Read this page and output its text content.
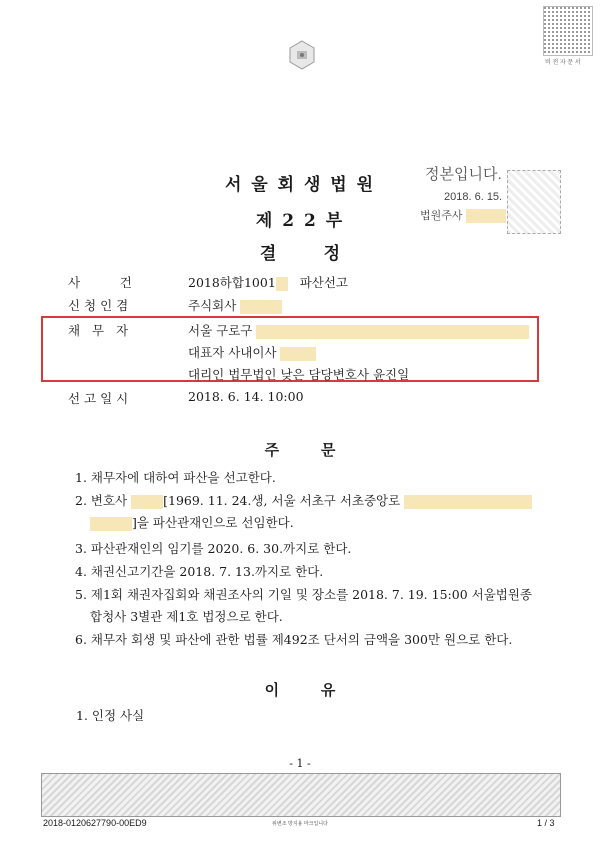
비 전 자 문 서
서 울 회 생 법 원
제 2 2 부
결        정
정본입니다.
2018. 6. 15.
법원주사
사          건	2018하합1001 파산선고
신 청 인 겸	주식회사
채   무   자	서울 구로구
대표자 사내이사
대리인 법무법인 낮은 담당변호사 윤진일
선 고 일 시	2018. 6. 14. 10:00
주        문
1. 채무자에 대하여 파산을 선고한다.
2. 변호사	[1969. 11. 24.생, 서울 서초구 서초중앙로
]을 파산관재인으로 선임한다.
3. 파산관재인의 임기를 2020. 6. 30.까지로 한다.
4. 채권신고기간을 2018. 7. 13.까지로 한다.
5. 제1회 채권자집회와 채권조사의 기일 및 장소를 2018. 7. 19. 15:00 서울법원종
합청사 3별관 제1호 법정으로 한다.
6. 채무자 회생 및 파산에 관한 법률 제492조 단서의 금액을 300만 원으로 한다.
이        유
1. 인정 사실
- 1 -
2018-0120627790-00ED9	위변조 방지용 마크입니다	1 / 3
